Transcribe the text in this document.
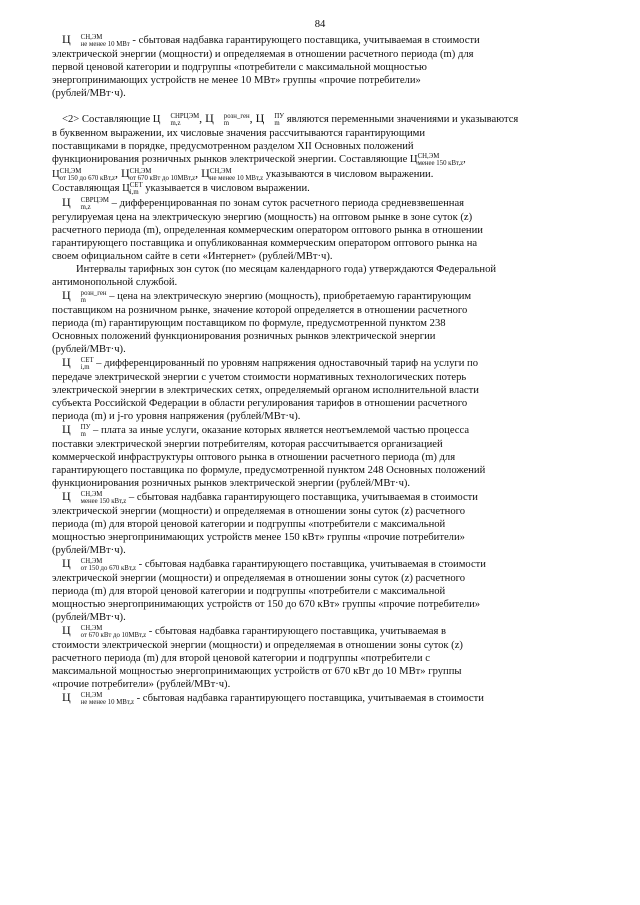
84
Ц	СН,ЭМ
не менее 10 МВт - сбытовая надбавка гарантирующего поставщика, учитываемая в стоимости
электрической энергии (мощности) и определяемая в отношении расчетного периода (m) для
первой ценовой категории и подгруппы «потребители с максимальной мощностью
энергопринимающих устройств не менее 10 МВт» группы «прочие потребители»
(рублей/МВт·ч).
<2> Составляющие Ц	СНРЦЭМ
m,z	, Ц	розн_ген
m	, Ц	ПУ
m являются переменными значениями и указываются
в буквенном выражении, их числовые значения рассчитываются гарантирующими
поставщиками в порядке, предусмотренном разделом XII Основных положений
функционирования розничных рынков электрической энергии. Составляющие Ц СН,ЭМ
менее 150 кВт,z ,
Ц СН,ЭМ
от 150 до 670 кВт,z , Ц СН,ЭМ
от 670 кВт до 10МВт,z , Ц СН,ЭМ
не менее 10 МВт,z указываются в числовом выражении.
Составляющая Ц СЕТ
i,m указывается в числовом выражении.
Ц	СВРЦЭМ
m,z	– дифференцированная по зонам суток расчетного периода средневзвешенная
регулируемая цена на электрическую энергию (мощность) на оптовом рынке в зоне суток (z)
расчетного периода (m), определенная коммерческим оператором оптового рынка в отношении
гарантирующего поставщика и опубликованная коммерческим оператором оптового рынка на
своем официальном сайте в сети «Интернет» (рублей/МВт·ч).
Интервалы тарифных зон суток (по месяцам календарного года) утверждаются Федеральной
антимонопольной службой.
Ц	розн_ген
m	– цена на электрическую энергию (мощность), приобретаемую гарантирующим
поставщиком на розничном рынке, значение которой определяется в отношении расчетного
периода (m) гарантирующим поставщиком по формуле, предусмотренной пунктом 238
Основных положений функционирования розничных рынков электрической энергии
(рублей/МВт·ч).
Ц	СЕТ
i,m – дифференцированный по уровням напряжения одноставочный тариф на услуги по
передаче электрической энергии с учетом стоимости нормативных технологических потерь
электрической энергии в электрических сетях, определяемый органом исполнительной власти
субъекта Российской Федерации в области регулирования тарифов в отношении расчетного
периода (m) и j-го уровня напряжения (рублей/МВт·ч).
Ц	ПУ
m – плата за иные услуги, оказание которых является неотъемлемой частью процесса
поставки электрической энергии потребителям, которая рассчитывается организацией
коммерческой инфраструктуры оптового рынка в отношении расчетного периода (m) для
гарантирующего поставщика по формуле, предусмотренной пунктом 248 Основных положений
функционирования розничных рынков электрической энергии (рублей/МВт·ч).
Ц	СН,ЭМ
менее 150 кВт,z – сбытовая надбавка гарантирующего поставщика, учитываемая в стоимости
электрической энергии (мощности) и определяемая в отношении зоны суток (z) расчетного
периода (m) для второй ценовой категории и подгруппы «потребители с максимальной
мощностью энергопринимающих устройств менее 150 кВт» группы «прочие потребители»
(рублей/МВт·ч).
Ц	СН,ЭМ
от 150 до 670 кВт,z - сбытовая надбавка гарантирующего поставщика, учитываемая в стоимости
электрической энергии (мощности) и определяемая в отношении зоны суток (z) расчетного
периода (m) для второй ценовой категории и подгруппы «потребители с максимальной
мощностью энергопринимающих устройств от 150 до 670 кВт» группы «прочие потребители»
(рублей/МВт·ч).
Ц	СН,ЭМ
от 670 кВт до 10МВт,z - сбытовая надбавка гарантирующего поставщика, учитываемая в
стоимости электрической энергии (мощности) и определяемая в отношении зоны суток (z)
расчетного периода (m) для второй ценовой категории и подгруппы «потребители с
максимальной мощностью энергопринимающих устройств от 670 кВт до 10 МВт» группы
«прочие потребители» (рублей/МВт·ч).
Ц	СН,ЭМ
не менее 10 МВт,z - сбытовая надбавка гарантирующего поставщика, учитываемая в стоимости
